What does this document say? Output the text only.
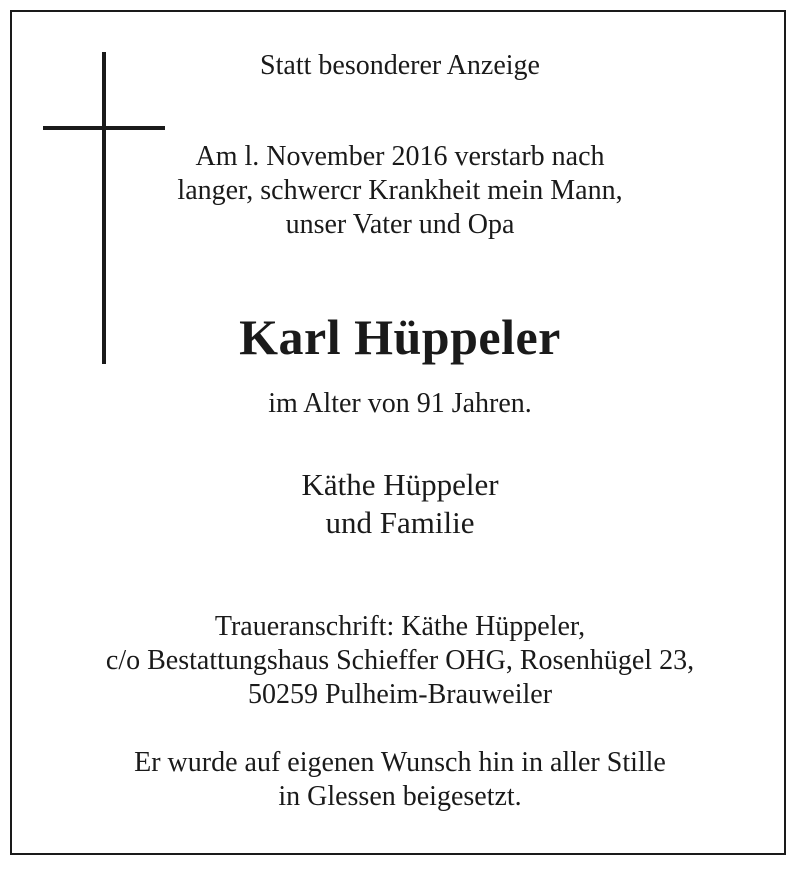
Statt besonderer Anzeige
Am l. November 2016 verstarb nach
langer, schwercr Krankheit mein Mann,
unser Vater und Opa
Karl Hüppeler
im Alter von 91 Jahren.
Käthe Hüppeler
und Familie
Traueranschrift: Käthe Hüppeler,
c/o Bestattungshaus Schieffer OHG, Rosenhügel 23,
50259 Pulheim-Brauweiler
Er wurde auf eigenen Wunsch hin in aller Stille
in Glessen beigesetzt.
